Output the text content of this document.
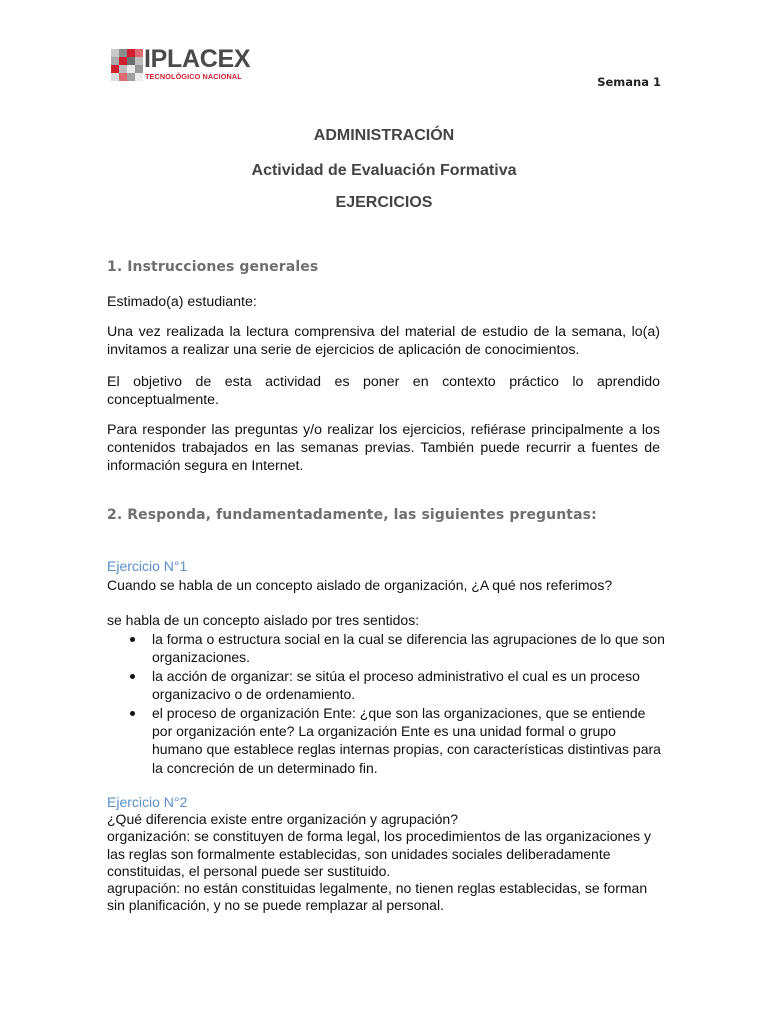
IPLACEX
TECNOLÓGICO NACIONAL	Semana 1
ADMINISTRACIÓN
Actividad de Evaluación Formativa
EJERCICIOS
1. Instrucciones generales
Estimado(a) estudiante:
Una vez realizada la lectura comprensiva del material de estudio de la semana, lo(a) invitamos a realizar una serie de ejercicios de aplicación de conocimientos.
El objetivo de esta actividad es poner en contexto práctico lo aprendido conceptualmente.
Para responder las preguntas y/o realizar los ejercicios, refiérase principalmente a los contenidos trabajados en las semanas previas. También puede recurrir a fuentes de información segura en Internet.
2. Responda, fundamentadamente, las siguientes preguntas:
Ejercicio N°1
Cuando se habla de un concepto aislado de organización, ¿A qué nos referimos?
se habla de un concepto aislado por tres sentidos:
la forma o estructura social en la cual se diferencia las agrupaciones de lo que son organizaciones.
la acción de organizar: se sitúa el proceso administrativo el cual es un proceso organizacivo o de ordenamiento.
el proceso de organización Ente: ¿que son las organizaciones, que se entiende por organización ente? La organización Ente es una unidad formal o grupo humano que establece reglas internas propias, con características distintivas para la concreción de un determinado fin.
Ejercicio N°2
¿Qué diferencia existe entre organización y agrupación?
organización: se constituyen de forma legal, los procedimientos de las organizaciones y las reglas son formalmente establecidas, son unidades sociales deliberadamente constituidas, el personal puede ser sustituido.
agrupación: no están constituidas legalmente, no tienen reglas establecidas, se forman sin planificación, y no se puede remplazar al personal.
